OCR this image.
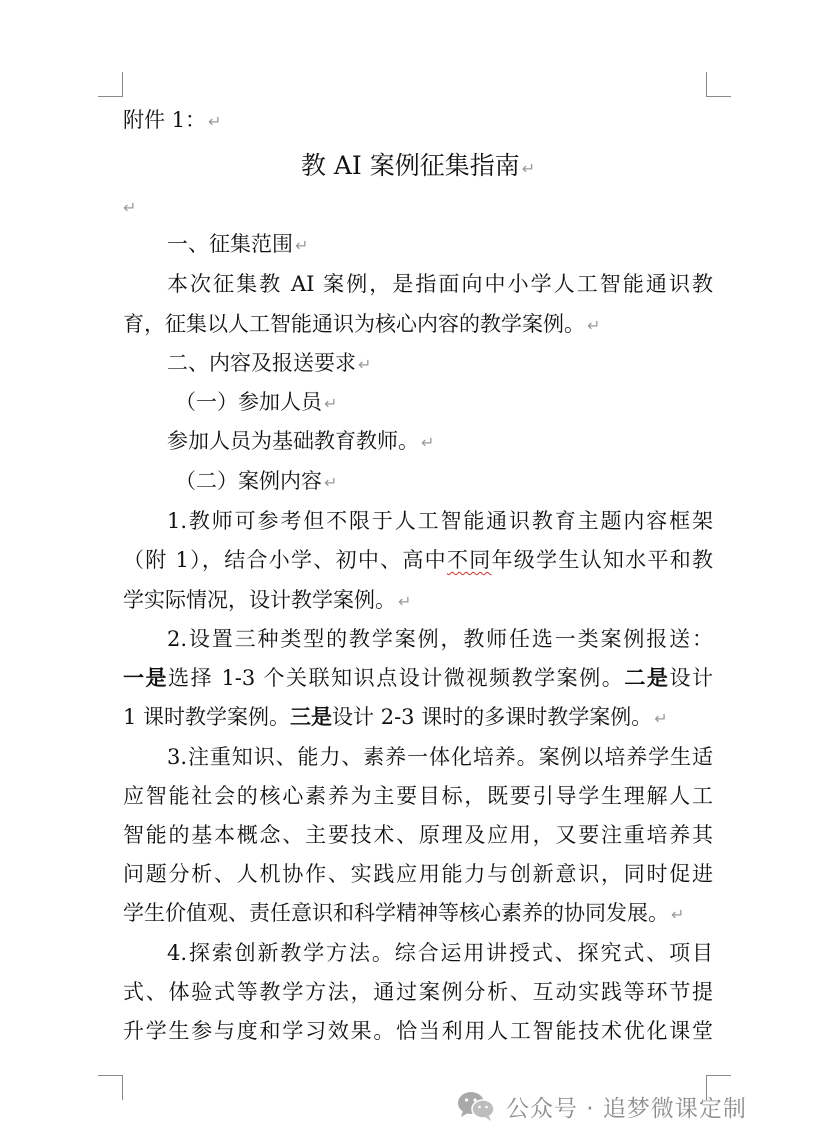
附件 1： ↵
教 AI 案例征集指南 ↵
↵
一、征集范围 ↵
本次征集教 AI 案例，是指面向中小学人工智能通识教
育，征集以人工智能通识为核心内容的教学案例。 ↵
二、内容及报送要求 ↵
（一）参加人员 ↵
参加人员为基础教育教师。 ↵
（二）案例内容 ↵
1.教师可参考但不限于人工智能通识教育主题内容框架
（附 1），结合小学、初中、高中不同年级学生认知水平和教
学实际情况，设计教学案例。 ↵
2.设置三种类型的教学案例，教师任选一类案例报送：
一是选择 1-3 个关联知识点设计微视频教学案例。二是设计
1 课时教学案例。三是设计 2-3 课时的多课时教学案例。 ↵
3.注重知识、能力、素养一体化培养。案例以培养学生适
应智能社会的核心素养为主要目标，既要引导学生理解人工
智能的基本概念、主要技术、原理及应用，又要注重培养其
问题分析、人机协作、实践应用能力与创新意识，同时促进
学生价值观、责任意识和科学精神等核心素养的协同发展。 ↵
4.探索创新教学方法。综合运用讲授式、探究式、项目
式、体验式等教学方法，通过案例分析、互动实践等环节提
升学生参与度和学习效果。恰当利用人工智能技术优化课堂
公众号 · 追梦微课定制
